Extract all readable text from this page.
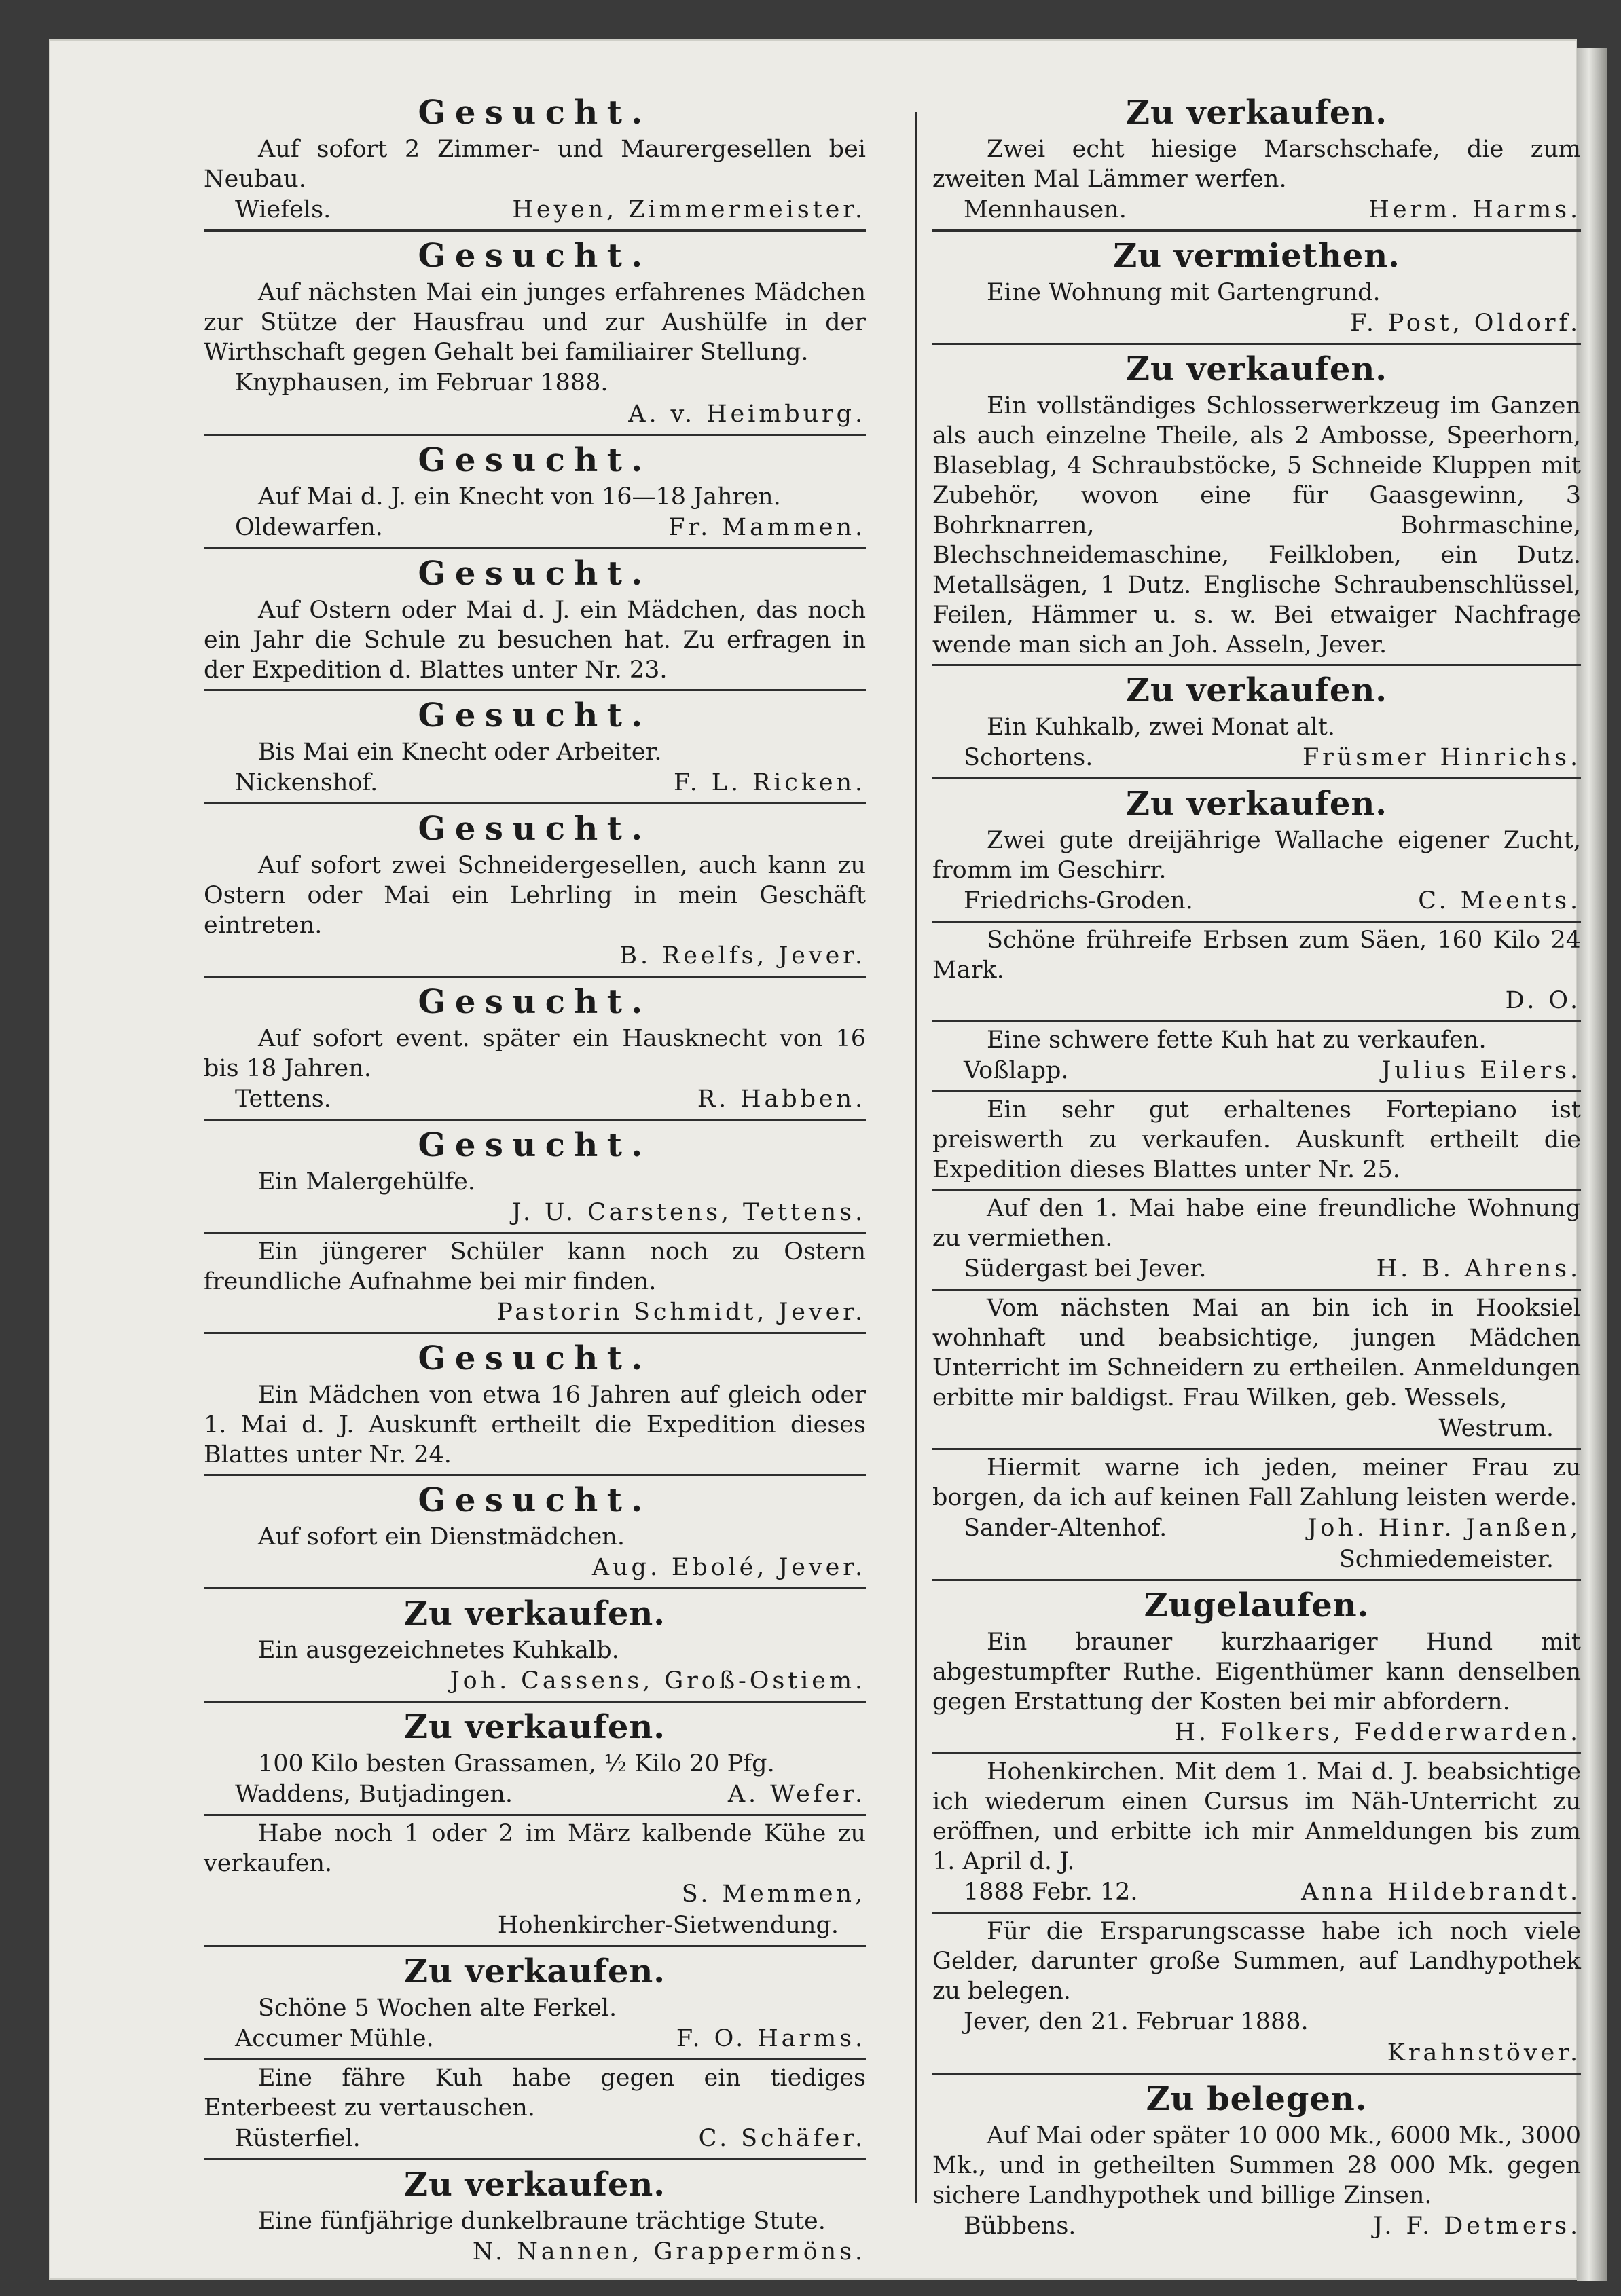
Gesucht.
Auf sofort 2 Zimmer- und Maurergesellen bei Neubau.
Wiefels.	Heyen, Zimmermeister.
Gesucht.
Auf nächsten Mai ein junges erfahrenes Mädchen zur Stütze der Hausfrau und zur Aushülfe in der Wirthschaft gegen Gehalt bei familiairer Stellung.
Knyphausen, im Februar 1888.
A. v. Heimburg.
Gesucht.
Auf Mai d. J. ein Knecht von 16—18 Jahren.
Oldewarfen.	Fr. Mammen.
Gesucht.
Auf Ostern oder Mai d. J. ein Mädchen, das noch ein Jahr die Schule zu besuchen hat. Zu erfragen in der Expedition d. Blattes unter Nr. 23.
Gesucht.
Bis Mai ein Knecht oder Arbeiter.
Nickenshof.	F. L. Ricken.
Gesucht.
Auf sofort zwei Schneidergesellen, auch kann zu Ostern oder Mai ein Lehrling in mein Geschäft eintreten.
B. Reelfs, Jever.
Gesucht.
Auf sofort event. später ein Hausknecht von 16 bis 18 Jahren.
Tettens.	R. Habben.
Gesucht.
Ein Malergehülfe.
J. U. Carstens, Tettens.
Ein jüngerer Schüler kann noch zu Ostern freundliche Aufnahme bei mir finden.
Pastorin Schmidt, Jever.
Gesucht.
Ein Mädchen von etwa 16 Jahren auf gleich oder 1. Mai d. J. Auskunft ertheilt die Expedition dieses Blattes unter Nr. 24.
Gesucht.
Auf sofort ein Dienstmädchen.
Aug. Ebolé, Jever.
Zu verkaufen.
Ein ausgezeichnetes Kuhkalb.
Joh. Cassens, Groß-Ostiem.
Zu verkaufen.
100 Kilo besten Grassamen, ½ Kilo 20 Pfg.
Waddens, Butjadingen.	A. Wefer.
Habe noch 1 oder 2 im März kalbende Kühe zu verkaufen.
S. Memmen,
Hohenkircher-Sietwendung.
Zu verkaufen.
Schöne 5 Wochen alte Ferkel.
Accumer Mühle.	F. O. Harms.
Eine fähre Kuh habe gegen ein tiediges Enterbeest zu vertauschen.
Rüsterfiel.	C. Schäfer.
Zu verkaufen.
Eine fünfjährige dunkelbraune trächtige Stute.
N. Nannen, Grappermöns.
Zu verkaufen.
Zwei echt hiesige Marschschafe, die zum zweiten Mal Lämmer werfen.
Mennhausen.	Herm. Harms.
Zu vermiethen.
Eine Wohnung mit Gartengrund.
F. Post, Oldorf.
Zu verkaufen.
Ein vollständiges Schlosserwerkzeug im Ganzen als auch einzelne Theile, als 2 Ambosse, Speerhorn, Blaseblag, 4 Schraubstöcke, 5 Schneide Kluppen mit Zubehör, wovon eine für Gaasgewinn, 3 Bohrknarren, Bohrmaschine, Blechschneidemaschine, Feilkloben, ein Dutz. Metallsägen, 1 Dutz. Englische Schraubenschlüssel, Feilen, Hämmer u. s. w. Bei etwaiger Nachfrage wende man sich an Joh. Asseln, Jever.
Zu verkaufen.
Ein Kuhkalb, zwei Monat alt.
Schortens.	Früsmer Hinrichs.
Zu verkaufen.
Zwei gute dreijährige Wallache eigener Zucht, fromm im Geschirr.
Friedrichs-Groden.	C. Meents.
Schöne frühreife Erbsen zum Säen, 160 Kilo 24 Mark.
D. O.
Eine schwere fette Kuh hat zu verkaufen.
Voßlapp.	Julius Eilers.
Ein sehr gut erhaltenes Fortepiano ist preiswerth zu verkaufen. Auskunft ertheilt die Expedition dieses Blattes unter Nr. 25.
Auf den 1. Mai habe eine freundliche Wohnung zu vermiethen.
Südergast bei Jever.	H. B. Ahrens.
Vom nächsten Mai an bin ich in Hooksiel wohnhaft und beabsichtige, jungen Mädchen Unterricht im Schneidern zu ertheilen. Anmeldungen erbitte mir baldigst. Frau Wilken, geb. Wessels,
Westrum.
Hiermit warne ich jeden, meiner Frau zu borgen, da ich auf keinen Fall Zahlung leisten werde.
Sander-Altenhof.	Joh. Hinr. Janßen,
Schmiedemeister.
Zugelaufen.
Ein brauner kurzhaariger Hund mit abgestumpfter Ruthe. Eigenthümer kann denselben gegen Erstattung der Kosten bei mir abfordern.
H. Folkers, Fedderwarden.
Hohenkirchen. Mit dem 1. Mai d. J. beabsichtige ich wiederum einen Cursus im Näh-Unterricht zu eröffnen, und erbitte ich mir Anmeldungen bis zum 1. April d. J.
1888 Febr. 12.	Anna Hildebrandt.
Für die Ersparungscasse habe ich noch viele Gelder, darunter große Summen, auf Landhypothek zu belegen.
Jever, den 21. Februar 1888.
Krahnstöver.
Zu belegen.
Auf Mai oder später 10 000 Mk., 6000 Mk., 3000 Mk., und in getheilten Summen 28 000 Mk. gegen sichere Landhypothek und billige Zinsen.
Bübbens.	J. F. Detmers.
